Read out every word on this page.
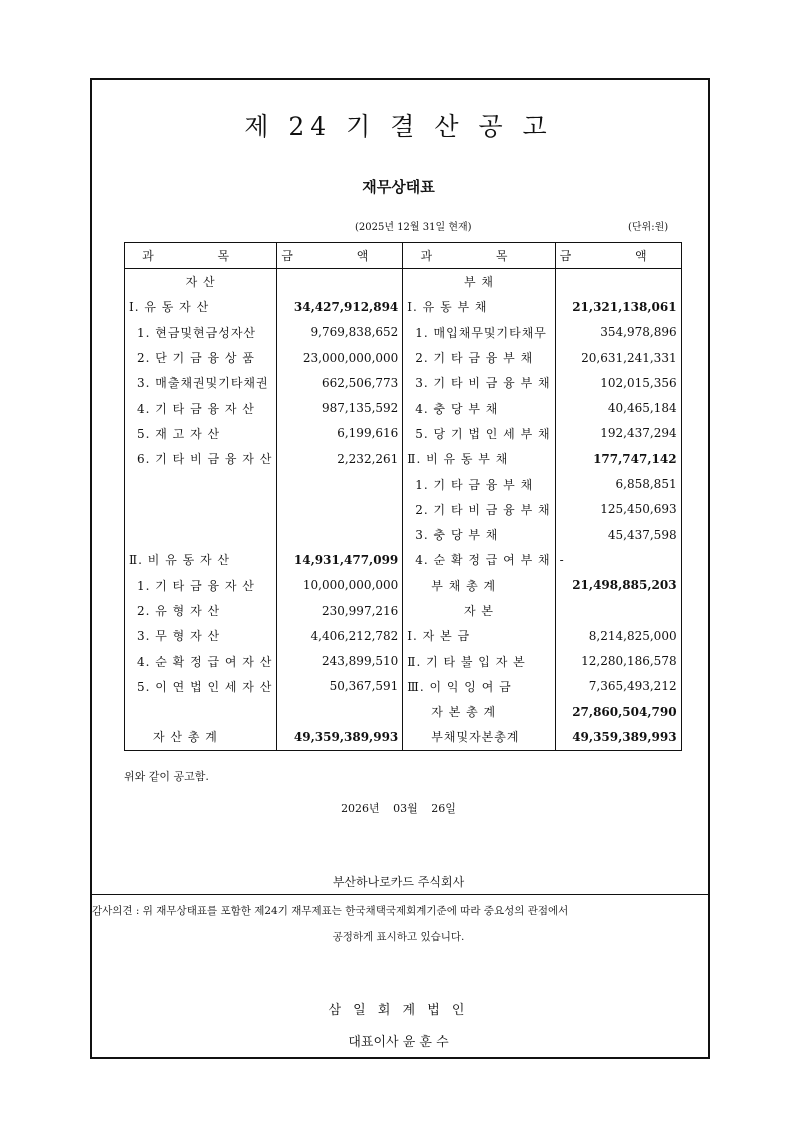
제 24 기 결 산 공 고
재무상태표
(2025년 12월 31일 현재)	(단위:원)
과 목	금 액	과 목	금 액
자 산		부 채	
Ⅰ. 유 동 자 산	34,427,912,894	Ⅰ. 유 동 부 채	21,321,138,061
1. 현금및현금성자산	9,769,838,652	1. 매입채무및기타채무	354,978,896
2. 단 기 금 융 상 품	23,000,000,000	2. 기 타 금 융 부 채	20,631,241,331
3. 매출채권및기타채권	662,506,773	3. 기 타 비 금 융 부 채	102,015,356
4. 기 타 금 융 자 산	987,135,592	4. 충 당 부 채	40,465,184
5. 재 고 자 산	6,199,616	5. 당 기 법 인 세 부 채	192,437,294
6. 기 타 비 금 융 자 산	2,232,261	Ⅱ. 비 유 동 부 채	177,747,142
		1. 기 타 금 융 부 채	6,858,851
		2. 기 타 비 금 융 부 채	125,450,693
		3. 충 당 부 채	45,437,598
Ⅱ. 비 유 동 자 산	14,931,477,099	4. 순 확 정 급 여 부 채	-
1. 기 타 금 융 자 산	10,000,000,000	부 채 총 계	21,498,885,203
2. 유 형 자 산	230,997,216	자 본	
3. 무 형 자 산	4,406,212,782	Ⅰ. 자 본 금	8,214,825,000
4. 순 확 정 급 여 자 산	243,899,510	Ⅱ. 기 타 불 입 자 본	12,280,186,578
5. 이 연 법 인 세 자 산	50,367,591	Ⅲ. 이 익 잉 여 금	7,365,493,212
		자 본 총 계	27,860,504,790
자 산 총 계	49,359,389,993	부채및자본총계	49,359,389,993
위와 같이 공고함.
2026년 03월 26일
부산하나로카드 주식회사
감사의견 : 위 재무상태표를 포함한 제24기 재무제표는 한국채택국제회계기준에 따라 중요성의 관점에서
공정하게 표시하고 있습니다.
삼 일 회 계 법 인
대표이사 윤 훈 수
